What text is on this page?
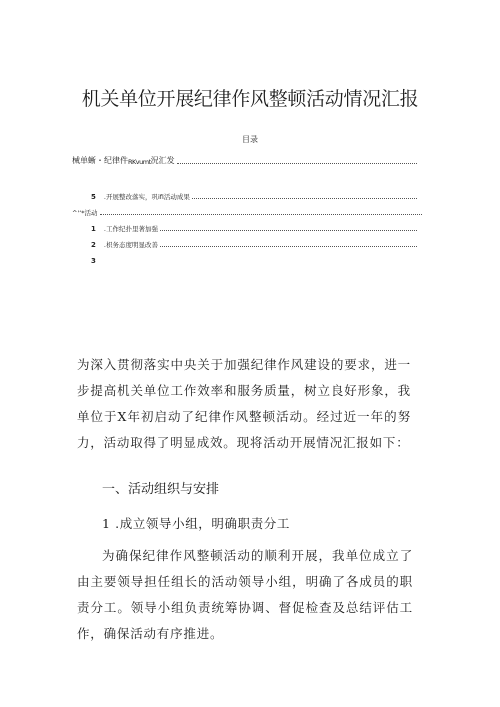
机关单位开展纪律作风整顿活动情况汇报
目录
械单蜥・纪律件 RKvumt 況汇发
5 .开展整改落实，巩ifi活动成果
^'‘*活动
1 .工作纪扑里著加强
2 .枳务态度明显改善
3
为深入贯彻落实中央关于加强纪律作风建设的要求，进一步提高机关单位工作效率和服务质量，树立良好形象，我单位于X年初启动了纪律作风整顿活动。经过近一年的努力，活动取得了明显成效。现将活动开展情况汇报如下：
一、活动组织与安排
1 .成立领导小组，明确职责分工
为确保纪律作风整顿活动的顺利开展，我单位成立了由主要领导担任组长的活动领导小组，明确了各成员的职责分工。领导小组负责统筹协调、督促检查及总结评估工作，确保活动有序推进。
